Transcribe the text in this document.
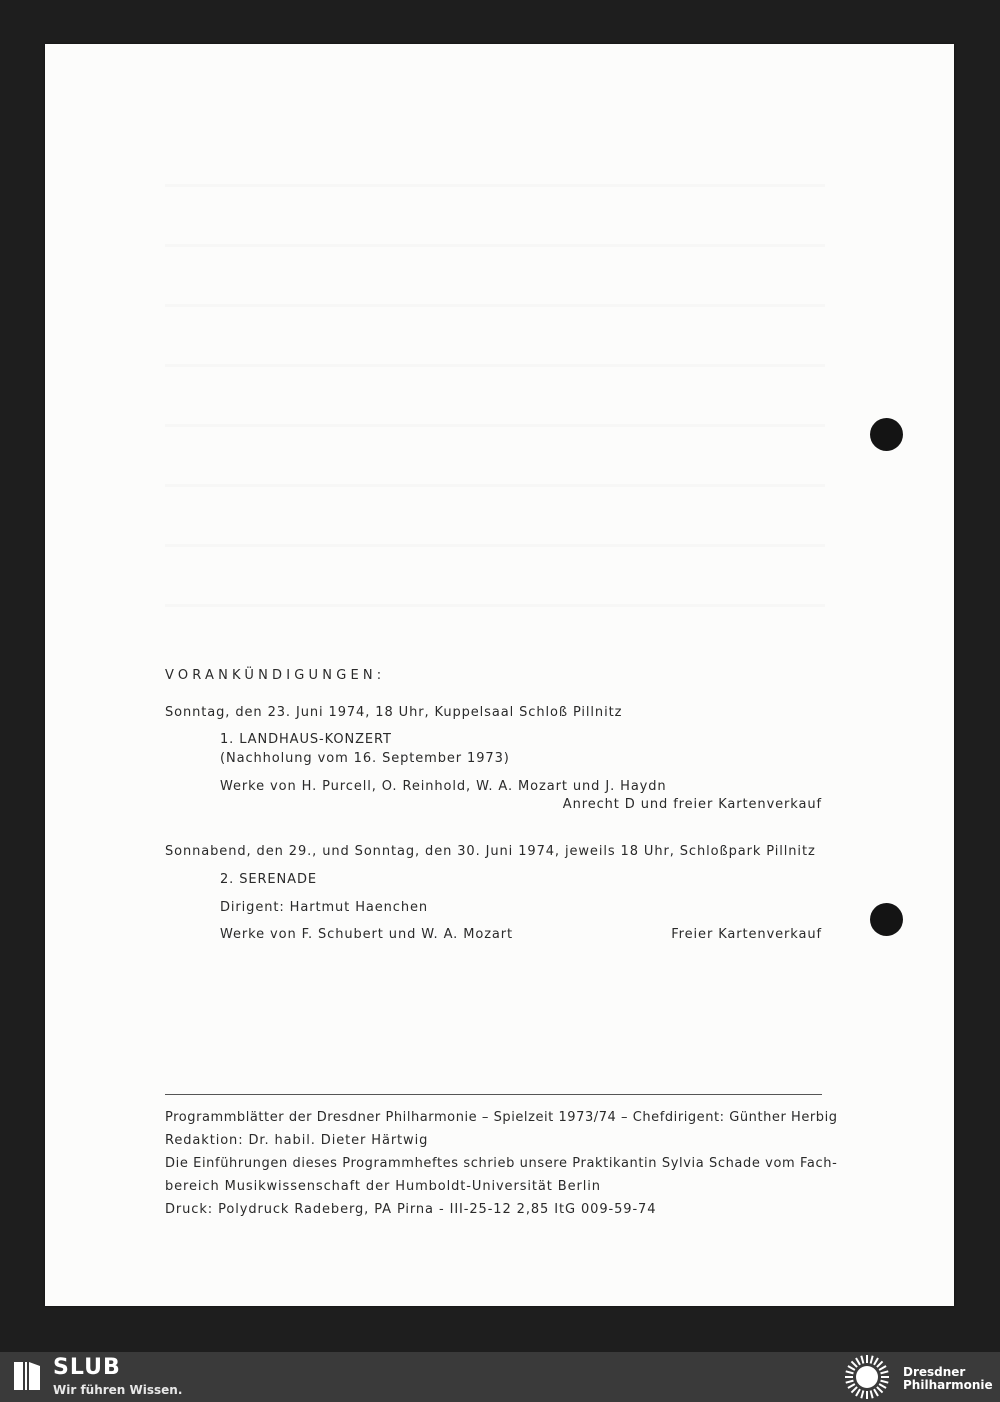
VORANKÜNDIGUNGEN:
Sonntag, den 23. Juni 1974, 18 Uhr, Kuppelsaal Schloß Pillnitz
1. LANDHAUS-KONZERT
(Nachholung vom 16. September 1973)
Werke von H. Purcell, O. Reinhold, W. A. Mozart und J. Haydn
Anrecht D und freier Kartenverkauf
Sonnabend, den 29., und Sonntag, den 30. Juni 1974, jeweils 18 Uhr, Schloßpark Pillnitz
2. SERENADE
Dirigent: Hartmut Haenchen
Werke von F. Schubert und W. A. Mozart	Freier Kartenverkauf
Programmblätter der Dresdner Philharmonie – Spielzeit 1973/74 – Chefdirigent: Günther Herbig
Redaktion: Dr. habil. Dieter Härtwig
Die Einführungen dieses Programmheftes schrieb unsere Praktikantin Sylvia Schade vom Fach-
bereich Musikwissenschaft der Humboldt-Universität Berlin
Druck: Polydruck Radeberg, PA Pirna - III-25-12 2,85 ItG 009-59-74
SLUB
Wir führen Wissen.
Dresdner
Philharmonie
